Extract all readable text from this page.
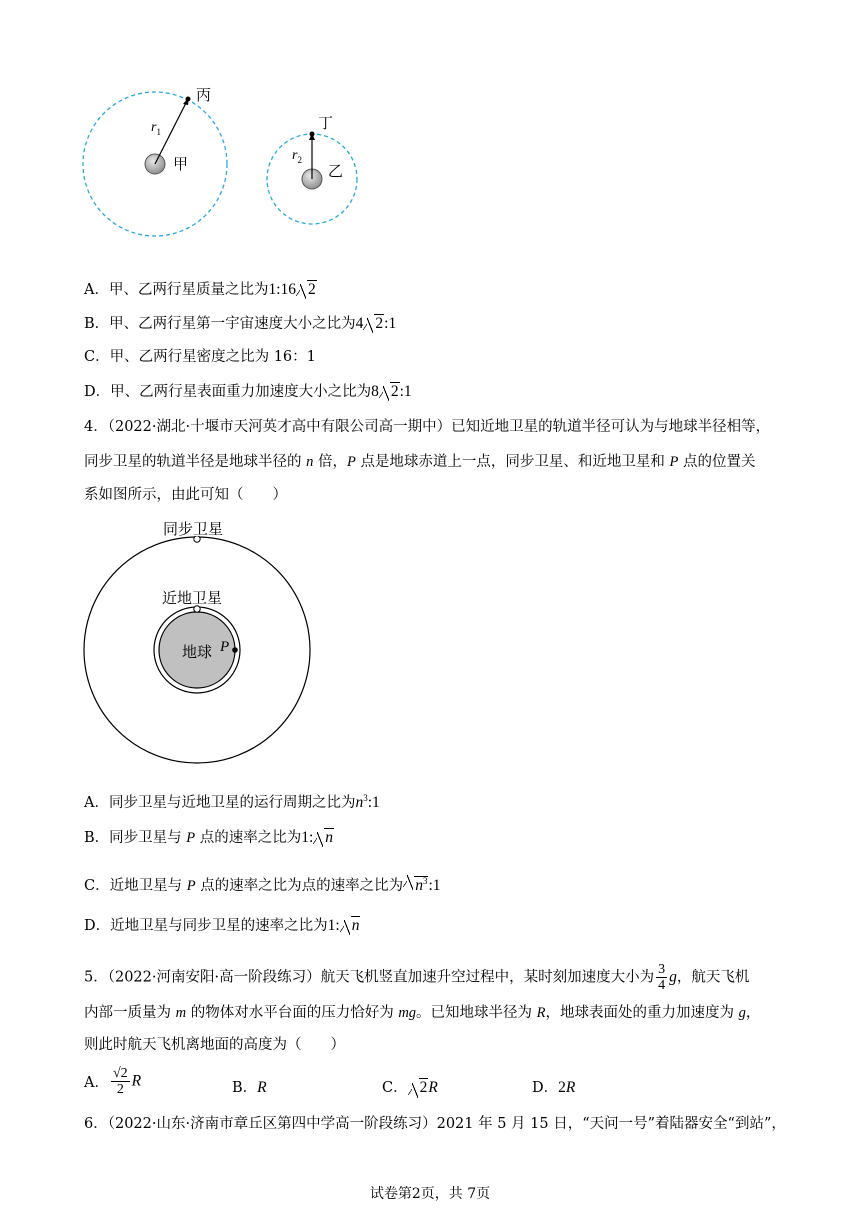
丙
$r_1$
甲
丁
$r_2$
乙
A．甲、乙两行星质量之比为1:16 2
B．甲、乙两行星第一宇宙速度大小之比为4 2:1
C．甲、乙两行星密度之比为 16：1
D．甲、乙两行星表面重力加速度大小之比为8 2:1
4．（2022·湖北·十堰市天河英才高中有限公司高一期中）已知近地卫星的轨道半径可认为与地球半径相等，
同步卫星的轨道半径是地球半径的 n 倍，P 点是地球赤道上一点，同步卫星、和近地卫星和 P 点的位置关
系如图所示，由此可知（　　）
同步卫星
近地卫星
地球 P
A．同步卫星与近地卫星的运行周期之比为$n^3:1$
B．同步卫星与 P 点的速率之比为1: n
C．近地卫星与 P 点的速率之比为点的速率之比为 $n^3:1$
D．近地卫星与同步卫星的速率之比为1: n
5．（2022·河南安阳·高一阶段练习）航天飞机竖直加速升空过程中，某时刻加速度大小为 $\frac{3}{4}$ g，航天飞机
内部一质量为 m 的物体对水平台面的压力恰好为 mg。已知地球半径为 R，地球表面处的重力加速度为 g，
则此时航天飞机离地面的高度为（　　）
A． $\frac{√2}{2}$ R	B．R	C． 2R	D．2R
6．（2022·山东·济南市章丘区第四中学高一阶段练习）2021 年 5 月 15 日，“天问一号”着陆器安全“到站”，
试卷第2页，共 7页
